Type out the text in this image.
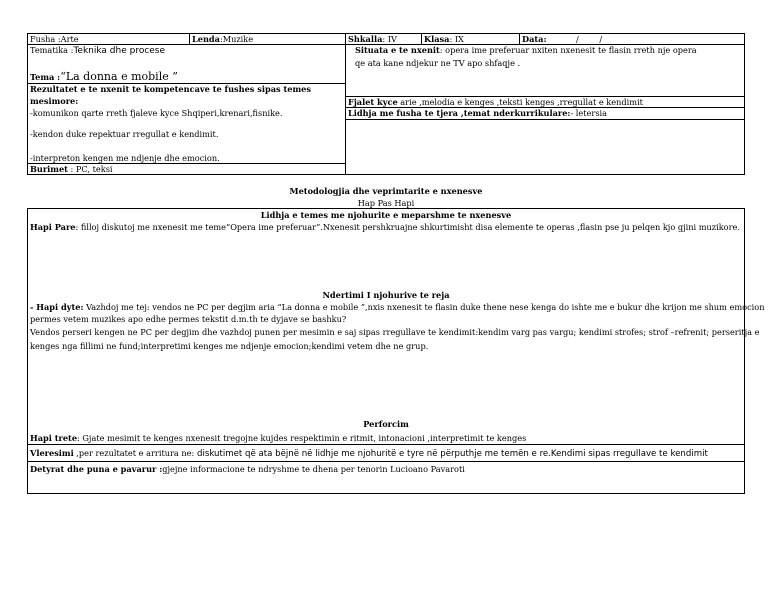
Fusha :Arte	Lenda:Muzike	Shkalla: IV	Klasa: IX	Data:	/ /
Tematika :Teknika dhe procese
Tema :“La donna e mobile ”
Situata e te nxenit: opera ime preferuar nxiten nxenesit te flasin rreth nje opera
qe ata kane ndjekur ne TV apo shfaqje .
Rezultatet e te nxenit te kompetencave te fushes sipas temes
mesimore:
-komunikon qarte rreth fjaleve kyce Shqiperi,krenari,fisnike.
-kendon duke repektuar rregullat e kendimit.
-interpreton kengen me ndjenje dhe emocion.
Burimet : PC, teksi
Fjalet kyce arie ,melodia e kenges ,teksti kenges ,rregullat e kendimit
Lidhja me fusha te tjera ,temat nderkurrikulare:- letersia
Metodologjia dhe veprimtarite e nxenesve
Hap Pas Hapi
Lidhja e temes me njohurite e meparshme te nxenesve
Hapi Pare: filloj diskutoj me nxenesit me teme“Opera ime preferuar”.Nxenesit pershkruajne shkurtimisht disa elemente te operas ,flasin pse ju pelqen kjo gjini muzikore.
Ndertimi I njohurive te reja
- Hapi dyte: Vazhdoj me tej: vendos ne PC per degjim aria “La donna e mobile ”,nxis nxenesit te flasin duke thene nese kenga do ishte me e bukur dhe krijon me shum emocion
permes vetem muzikes apo edhe permes tekstit d.m.th te dyjave se bashku?
Vendos perseri kengen ne PC per degjim dhe vazhdoj punen per mesimin e saj sipas rregullave te kendimit:kendim varg pas vargu; kendimi strofes; strof –refrenit; perseritja e
kenges nga fillimi ne fund;interpretimi kenges me ndjenje emocion;kendimi vetem dhe ne grup.
Perforcim
Hapi trete: Gjate mesimit te kenges nxenesit tregojne kujdes respektimin e ritmit, intonacioni ,interpretimit te kenges
Vleresimi ,per rezultatet e arritura ne: diskutimet që ata bëjnë në lidhje me njohuritë e tyre në përputhje me temën e re.Kendimi sipas rregullave te kendimit
Detyrat dhe puna e pavarur :gjejne informacione te ndryshme te dhena per tenorin Lucioano Pavaroti
